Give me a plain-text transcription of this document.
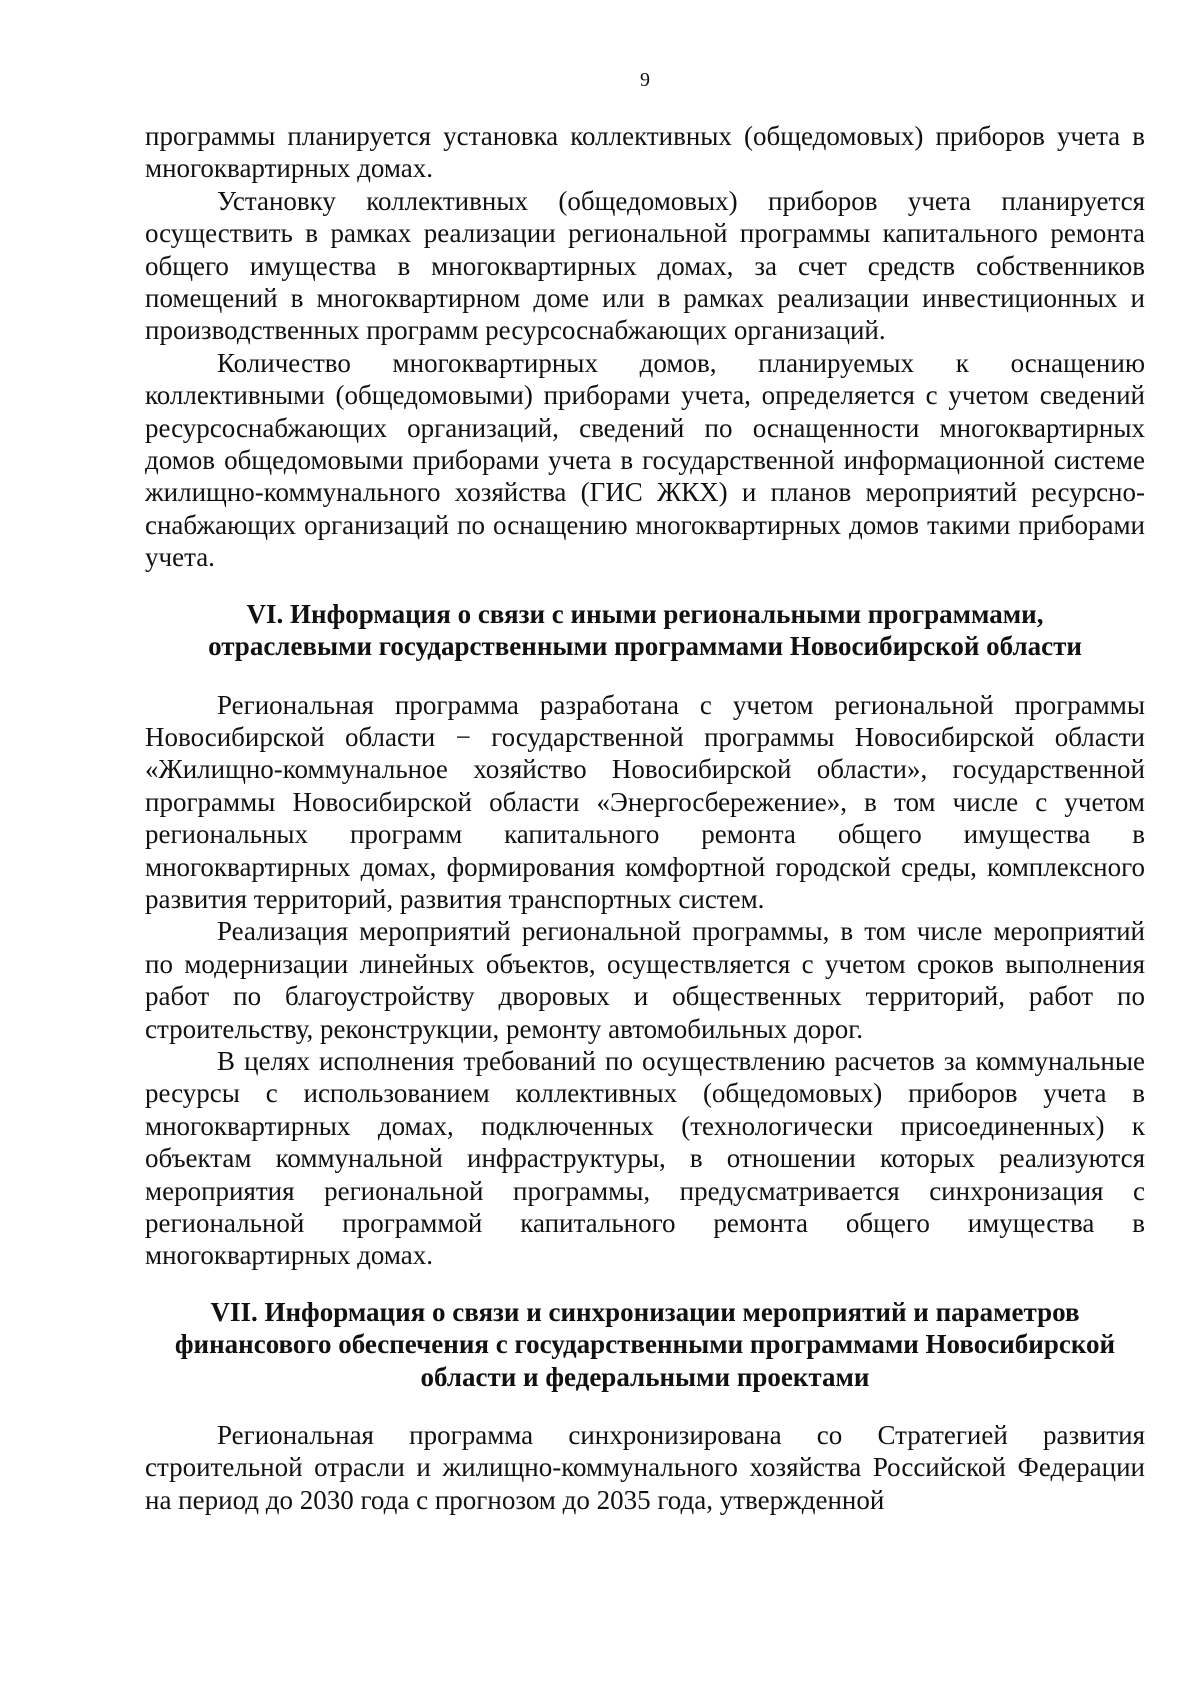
9

программы планируется установка коллективных (общедомовых) приборов учета в многоквартирных домах.

Установку коллективных (общедомовых) приборов учета планируется осуществить в рамках реализации региональной программы капитального ремонта общего имущества в многоквартирных домах, за счет средств собственников помещений в многоквартирном доме или в рамках реализации инвестиционных и производственных программ ресурсоснабжающих организаций.

Количество многоквартирных домов, планируемых к оснащению коллективными (общедомовыми) приборами учета, определяется с учетом сведений ресурсоснабжающих организаций, сведений по оснащенности многоквартирных домов общедомовыми приборами учета в государственной информационной системе жилищно-коммунального хозяйства (ГИС ЖКХ) и планов мероприятий ресурсно-снабжающих организаций по оснащению многоквартирных домов такими приборами учета.

VI. Информация о связи с иными региональными программами,
отраслевыми государственными программами Новосибирской области

Региональная программа разработана с учетом региональной программы Новосибирской области − государственной программы Новосибирской области «Жилищно-коммунальное хозяйство Новосибирской области», государственной программы Новосибирской области «Энергосбережение», в том числе с учетом региональных программ капитального ремонта общего имущества в многоквартирных домах, формирования комфортной городской среды, комплексного развития территорий, развития транспортных систем.

Реализация мероприятий региональной программы, в том числе мероприятий по модернизации линейных объектов, осуществляется с учетом сроков выполнения работ по благоустройству дворовых и общественных территорий, работ по строительству, реконструкции, ремонту автомобильных дорог.

В целях исполнения требований по осуществлению расчетов за коммунальные ресурсы с использованием коллективных (общедомовых) приборов учета в многоквартирных домах, подключенных (технологически присоединенных) к объектам коммунальной инфраструктуры, в отношении которых реализуются мероприятия региональной программы, предусматривается синхронизация с региональной программой капитального ремонта общего имущества в многоквартирных домах.

VII. Информация о связи и синхронизации мероприятий и параметров
финансового обеспечения с государственными программами Новосибирской
области и федеральными проектами

Региональная программа синхронизирована со Стратегией развития строительной отрасли и жилищно-коммунального хозяйства Российской Федерации на период до 2030 года с прогнозом до 2035 года, утвержденной
